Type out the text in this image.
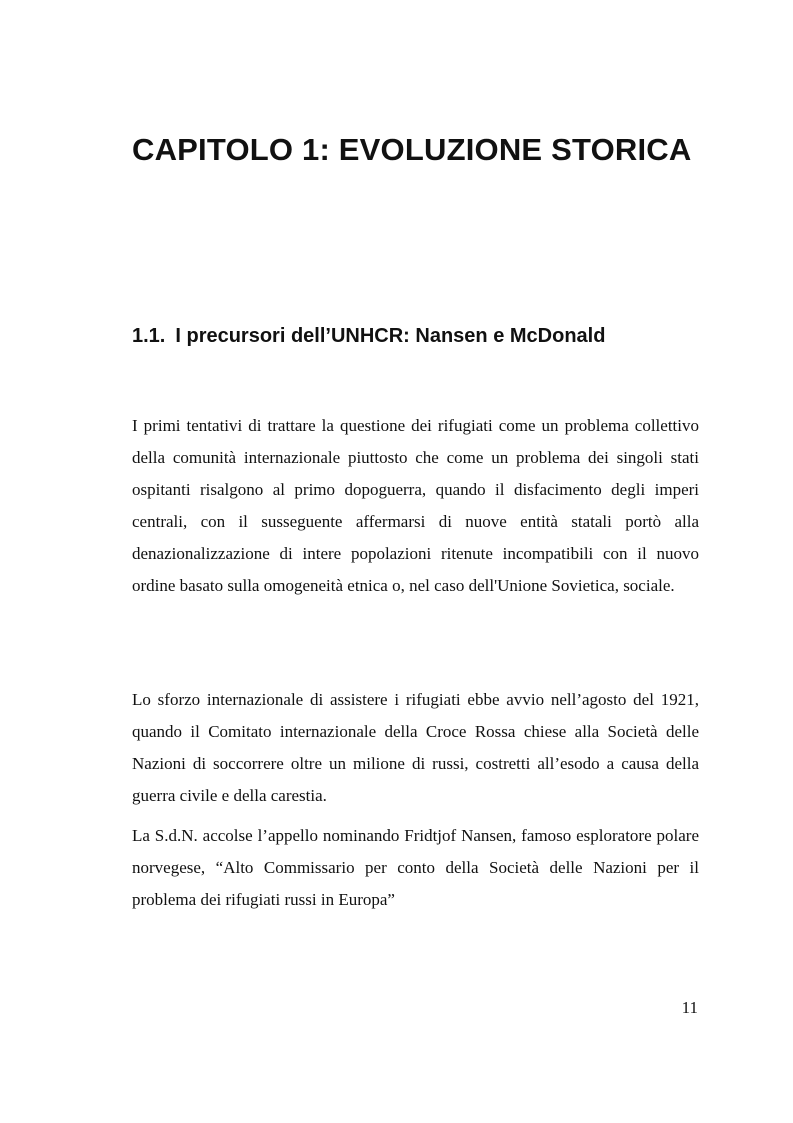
CAPITOLO 1: EVOLUZIONE STORICA
1.1. I precursori dell’UNHCR: Nansen e McDonald

I primi tentativi di trattare la questione dei rifugiati come un problema collettivo della comunità internazionale piuttosto che come un problema dei singoli stati ospitanti risalgono al primo dopoguerra, quando il disfacimento degli imperi centrali, con il susseguente affermarsi di nuove entità statali portò alla denazionalizzazione di intere popolazioni ritenute incompatibili con il nuovo ordine basato sulla omogeneità etnica o, nel caso dell'Unione Sovietica, sociale.

Lo sforzo internazionale di assistere i rifugiati ebbe avvio nell’agosto del 1921, quando il Comitato internazionale della Croce Rossa chiese alla Società delle Nazioni di soccorrere oltre un milione di russi, costretti all’esodo a causa della guerra civile e della carestia.

La S.d.N. accolse l’appello nominando Fridtjof Nansen, famoso esploratore polare norvegese, “Alto Commissario per conto della Società delle Nazioni per il problema dei rifugiati russi in Europa”

11
